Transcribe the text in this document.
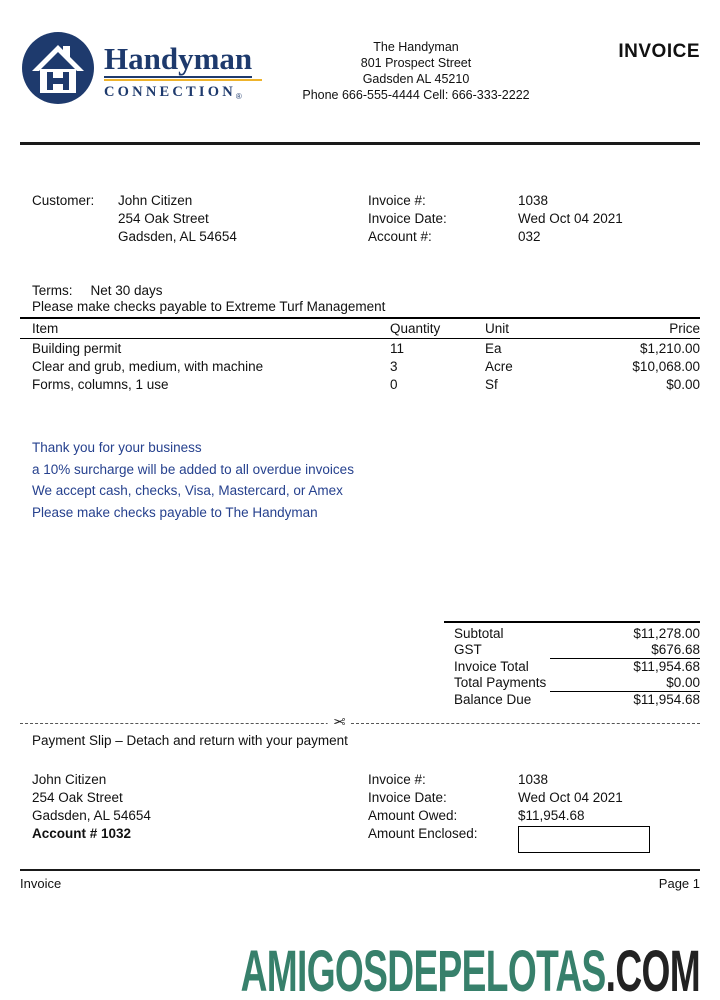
Handyman
CONNECTION ®
The Handyman
801 Prospect Street
Gadsden AL 45210
Phone 666-555-4444 Cell: 666-333-2222
INVOICE
Customer:	John Citizen
254 Oak Street
Gadsden, AL 54654
Invoice #:	1038
Invoice Date:	Wed Oct 04 2021
Account #:	032
Terms: Net 30 days
Please make checks payable to Extreme Turf Management
Item	Quantity	Unit	Price
Building permit	11	Ea	$1,210.00
Clear and grub, medium, with machine	3	Acre	$10,068.00
Forms, columns, 1 use	0	Sf	$0.00
Thank you for your business
a 10% surcharge will be added to all overdue invoices
We accept cash, checks, Visa, Mastercard, or Amex
Please make checks payable to The Handyman
Subtotal	$11,278.00
GST	$676.68
Invoice Total	$11,954.68
Total Payments	$0.00
Balance Due	$11,954.68
✂
Payment Slip – Detach and return with your payment
John Citizen
254 Oak Street
Gadsden, AL 54654
Account # 1032
Invoice #:	1038
Invoice Date:	Wed Oct 04 2021
Amount Owed:	$11,954.68
Amount Enclosed:
Invoice	Page 1
AMIGOSDEPELOTAS .COM
